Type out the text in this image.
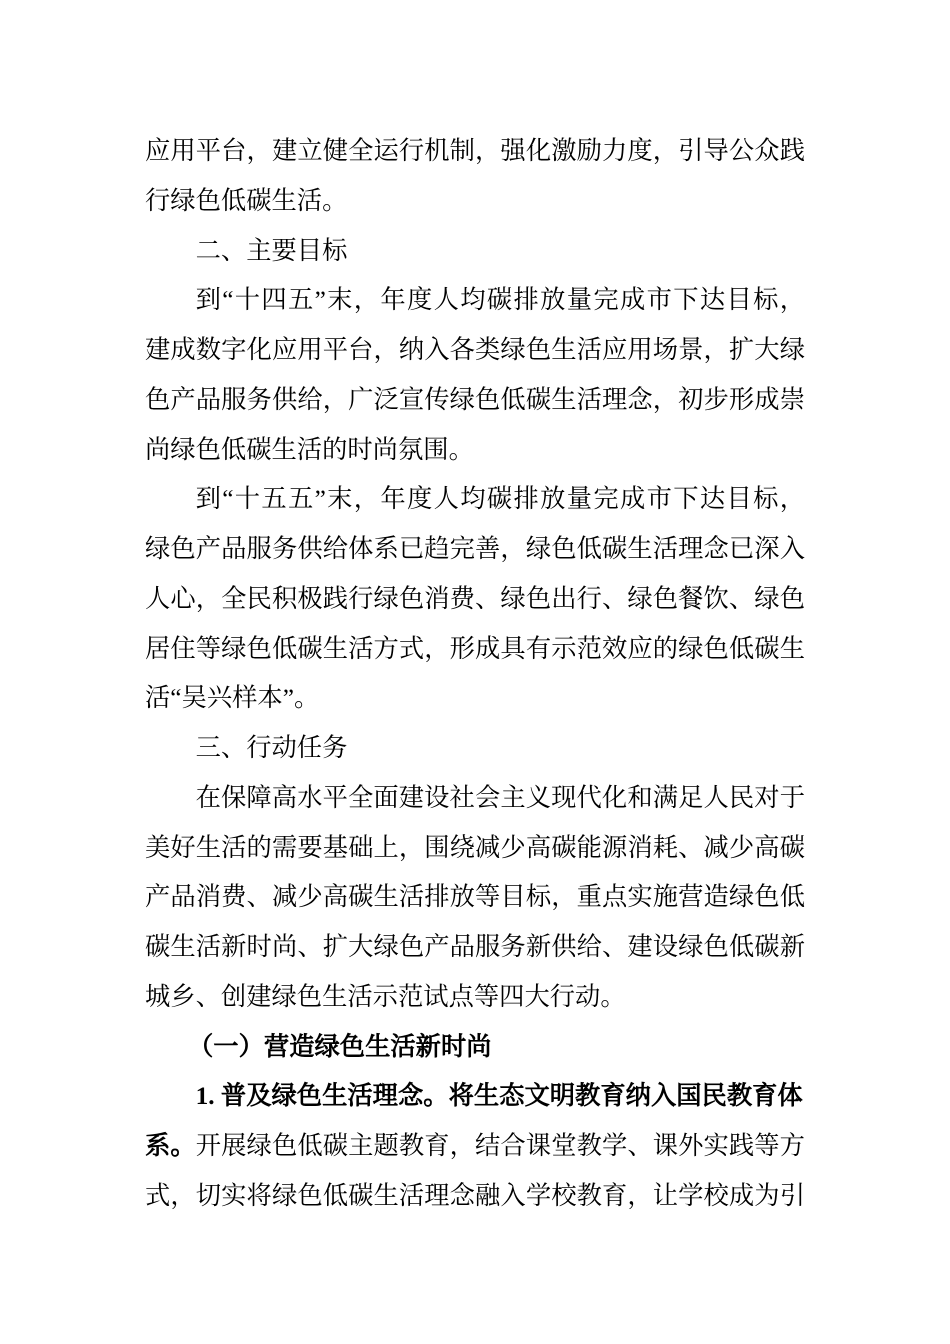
应用平台，建立健全运行机制，强化激励力度，引导公众践
行绿色低碳生活。
二、主要目标
到“十四五”末，年度人均碳排放量完成市下达目标，
建成数字化应用平台，纳入各类绿色生活应用场景，扩大绿
色产品服务供给，广泛宣传绿色低碳生活理念，初步形成崇
尚绿色低碳生活的时尚氛围。
到“十五五”末，年度人均碳排放量完成市下达目标，
绿色产品服务供给体系已趋完善，绿色低碳生活理念已深入
人心，全民积极践行绿色消费、绿色出行、绿色餐饮、绿色
居住等绿色低碳生活方式，形成具有示范效应的绿色低碳生
活“吴兴样本”。
三、行动任务
在保障高水平全面建设社会主义现代化和满足人民对于
美好生活的需要基础上，围绕减少高碳能源消耗、减少高碳
产品消费、减少高碳生活排放等目标，重点实施营造绿色低
碳生活新时尚、扩大绿色产品服务新供给、建设绿色低碳新
城乡、创建绿色生活示范试点等四大行动。
（一）营造绿色生活新时尚
1. 普及绿色生活理念。将生态文明教育纳入国民教育体
系。开展绿色低碳主题教育，结合课堂教学、课外实践等方
式，切实将绿色低碳生活理念融入学校教育，让学校成为引
